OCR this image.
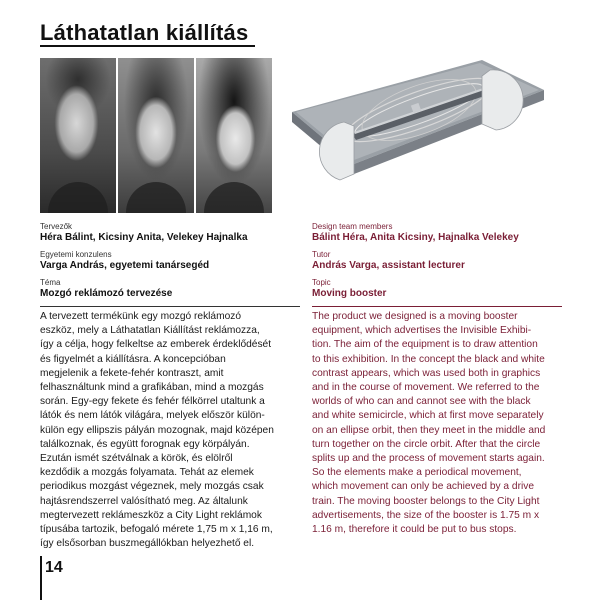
Láthatatlan kiállítás
Tervezők
Héra Bálint, Kicsiny Anita, Velekey Hajnalka
Egyetemi konzulens
Varga András, egyetemi tanársegéd
Téma
Mozgó reklámozó tervezése
Design team members
Bálint Héra, Anita Kicsiny, Hajnalka Velekey
Tutor
András Varga, assistant lecturer
Topic
Moving booster
A tervezett termékünk egy mozgó reklámozó
eszköz, mely a Láthatatlan Kiállítást reklámozza,
így a célja, hogy felkeltse az emberek érdeklődését
és figyelmét a kiállításra. A koncepcióban
megjelenik a fekete-fehér kontraszt, amit
felhasználtunk mind a grafikában, mind a mozgás
során. Egy-egy fekete és fehér félkörrel utaltunk a
látók és nem látók világára, melyek először külön-
külön egy ellipszis pályán mozognak, majd középen
találkoznak, és együtt forognak egy körpályán.
Ezután ismét szétválnak a körök, és elölről
kezdődik a mozgás folyamata. Tehát az elemek
periodikus mozgást végeznek, mely mozgás csak
hajtásrendszerrel valósítható meg. Az általunk
megtervezett reklámeszköz a City Light reklámok
típusába tartozik, befogaló mérete 1,75 m x 1,16 m,
így elsősorban buszmegállókban helyezhető el.
The product we designed is a moving booster
equipment, which advertises the Invisible Exhibi-
tion. The aim of the equipment is to draw attention
to this exhibition. In the concept the black and white
contrast appears, which was used both in graphics
and in the course of movement. We referred to the
worlds of who can and cannot see with the black
and white semicircle, which at first move separately
on an ellipse orbit, then they meet in the middle and
turn together on the circle orbit. After that the circle
splits up and the process of movement starts again.
So the elements make a periodical movement,
which movement can only be achieved by a drive
train. The moving booster belongs to the City Light
advertisements, the size of the booster is 1.75 m x
1.16 m, therefore it could be put to bus stops.
14
